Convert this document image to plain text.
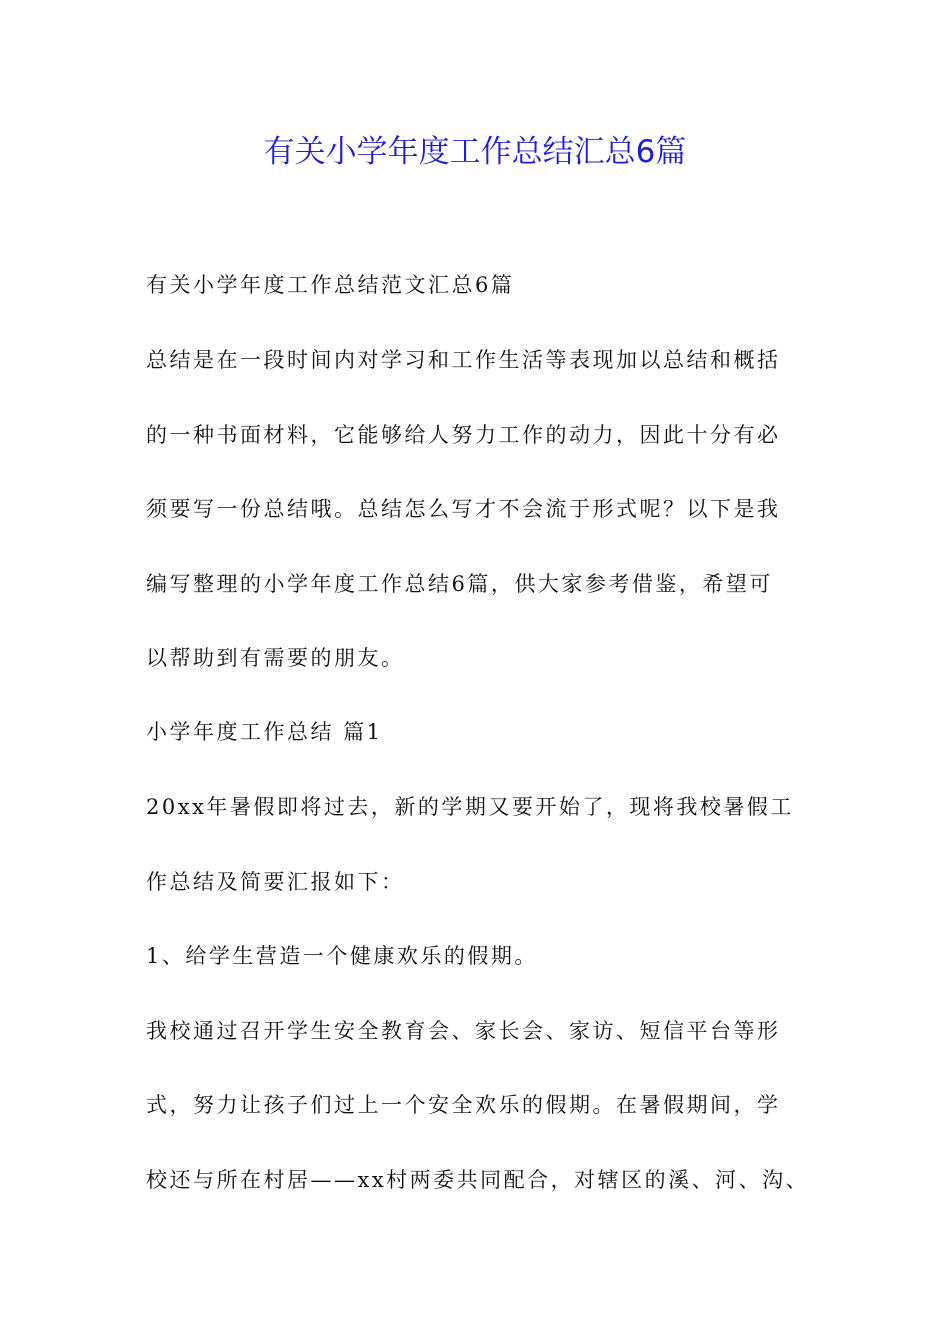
有关小学年度工作总结汇总6篇
有关小学年度工作总结范文汇总6篇
总结是在一段时间内对学习和工作生活等表现加以总结和概括
的一种书面材料，它能够给人努力工作的动力，因此十分有必
须要写一份总结哦。总结怎么写才不会流于形式呢？以下是我
编写整理的小学年度工作总结6篇，供大家参考借鉴，希望可
以帮助到有需要的朋友。
小学年度工作总结 篇1
20xx年暑假即将过去，新的学期又要开始了，现将我校暑假工
作总结及简要汇报如下：
1、给学生营造一个健康欢乐的假期。
我校通过召开学生安全教育会、家长会、家访、短信平台等形
式，努力让孩子们过上一个安全欢乐的假期。在暑假期间，学
校还与所在村居——xx村两委共同配合，对辖区的溪、河、沟、
